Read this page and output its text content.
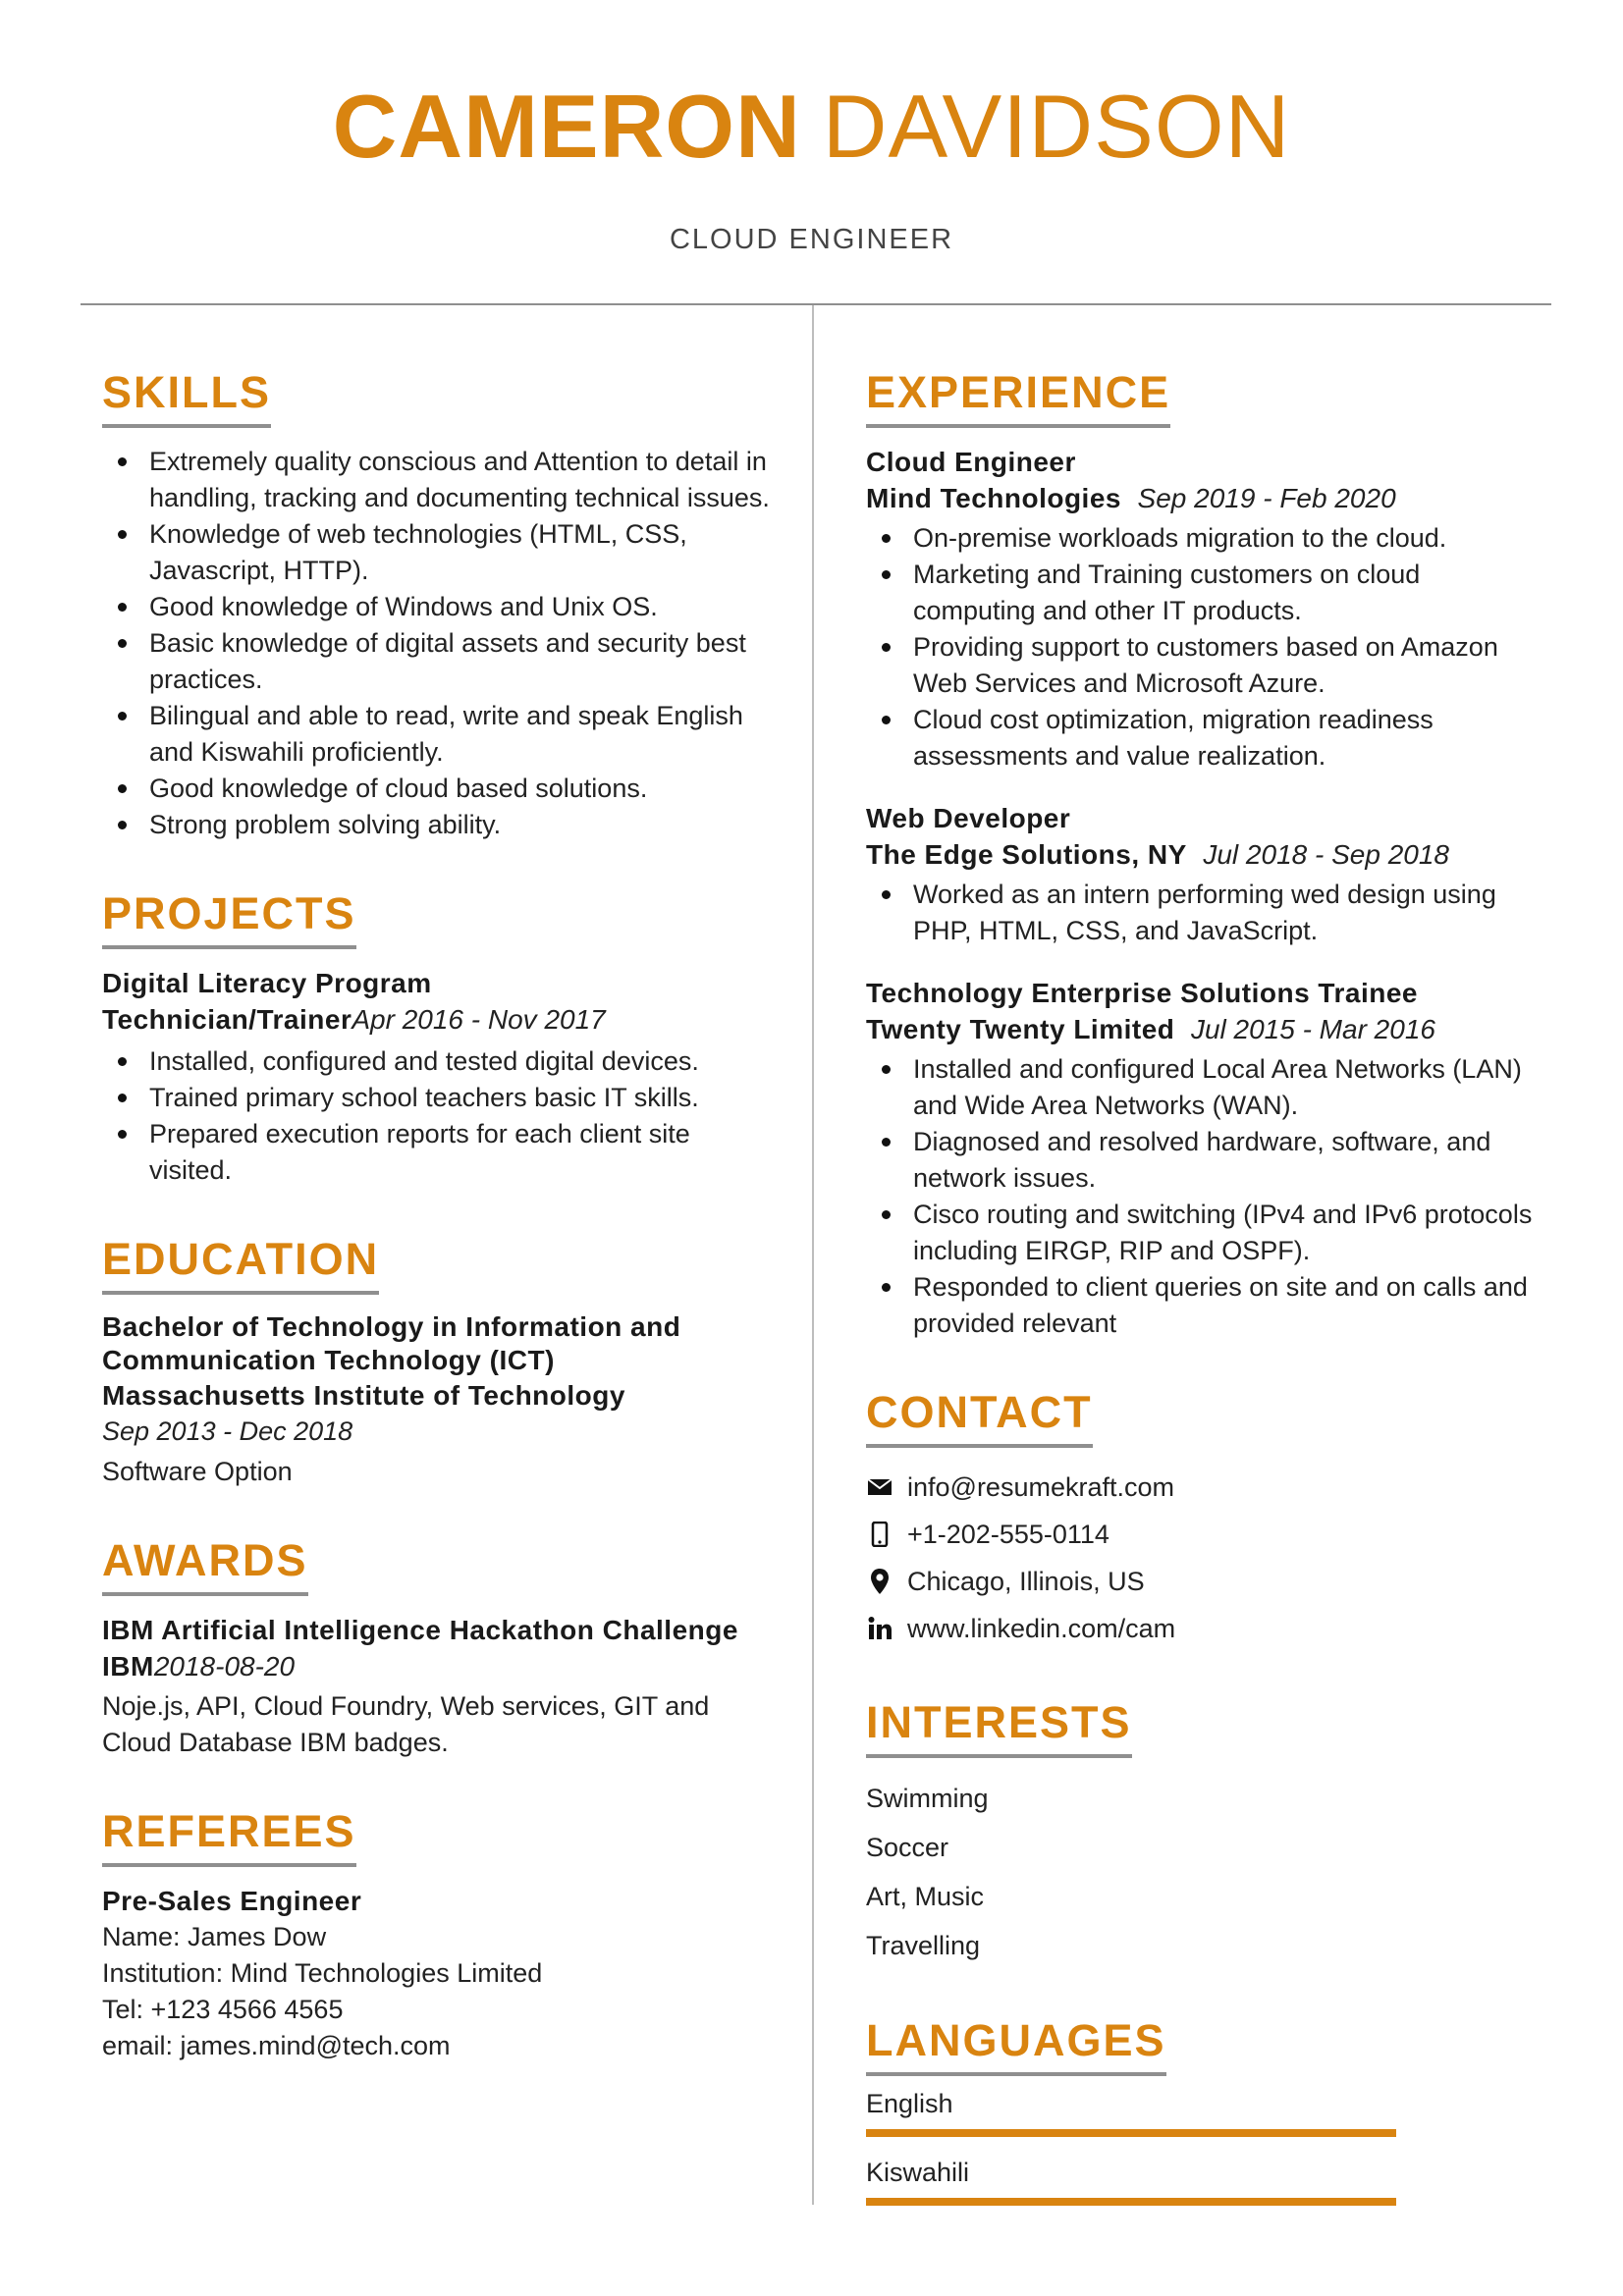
CAMERON DAVIDSON
CLOUD ENGINEER
SKILLS
Extremely quality conscious and Attention to detail in handling, tracking and documenting technical issues.
Knowledge of web technologies (HTML, CSS, Javascript, HTTP).
Good knowledge of Windows and Unix OS.
Basic knowledge of digital assets and security best practices.
Bilingual and able to read, write and speak English and Kiswahili proficiently.
Good knowledge of cloud based solutions.
Strong problem solving ability.
PROJECTS
Digital Literacy Program
Technician/TrainerApr 2016 - Nov 2017
Installed, configured and tested digital devices.
Trained primary school teachers basic IT skills.
Prepared execution reports for each client site visited.
EDUCATION
Bachelor of Technology in Information and
Communication Technology (ICT)
Massachusetts Institute of Technology
Sep 2013 - Dec 2018
Software Option
AWARDS
IBM Artificial Intelligence Hackathon Challenge
IBM2018-08-20
Noje.js, API, Cloud Foundry, Web services, GIT and Cloud Database IBM badges.
REFEREES
Pre-Sales Engineer
Name: James Dow
Institution: Mind Technologies Limited
Tel: +123 4566 4565
email: james.mind@tech.com
EXPERIENCE
Cloud Engineer
Mind Technologies Sep 2019 - Feb 2020
On-premise workloads migration to the cloud.
Marketing and Training customers on cloud computing and other IT products.
Providing support to customers based on Amazon Web Services and Microsoft Azure.
Cloud cost optimization, migration readiness assessments and value realization.
Web Developer
The Edge Solutions, NY Jul 2018 - Sep 2018
Worked as an intern performing wed design using PHP, HTML, CSS, and JavaScript.
Technology Enterprise Solutions Trainee
Twenty Twenty Limited Jul 2015 - Mar 2016
Installed and configured Local Area Networks (LAN) and Wide Area Networks (WAN).
Diagnosed and resolved hardware, software, and network issues.
Cisco routing and switching (IPv4 and IPv6 protocols including EIRGP, RIP and OSPF).
Responded to client queries on site and on calls and provided relevant
CONTACT
info@resumekraft.com
+1-202-555-0114
Chicago, Illinois, US
www.linkedin.com/cam
INTERESTS
Swimming
Soccer
Art, Music
Travelling
LANGUAGES
English
Kiswahili
